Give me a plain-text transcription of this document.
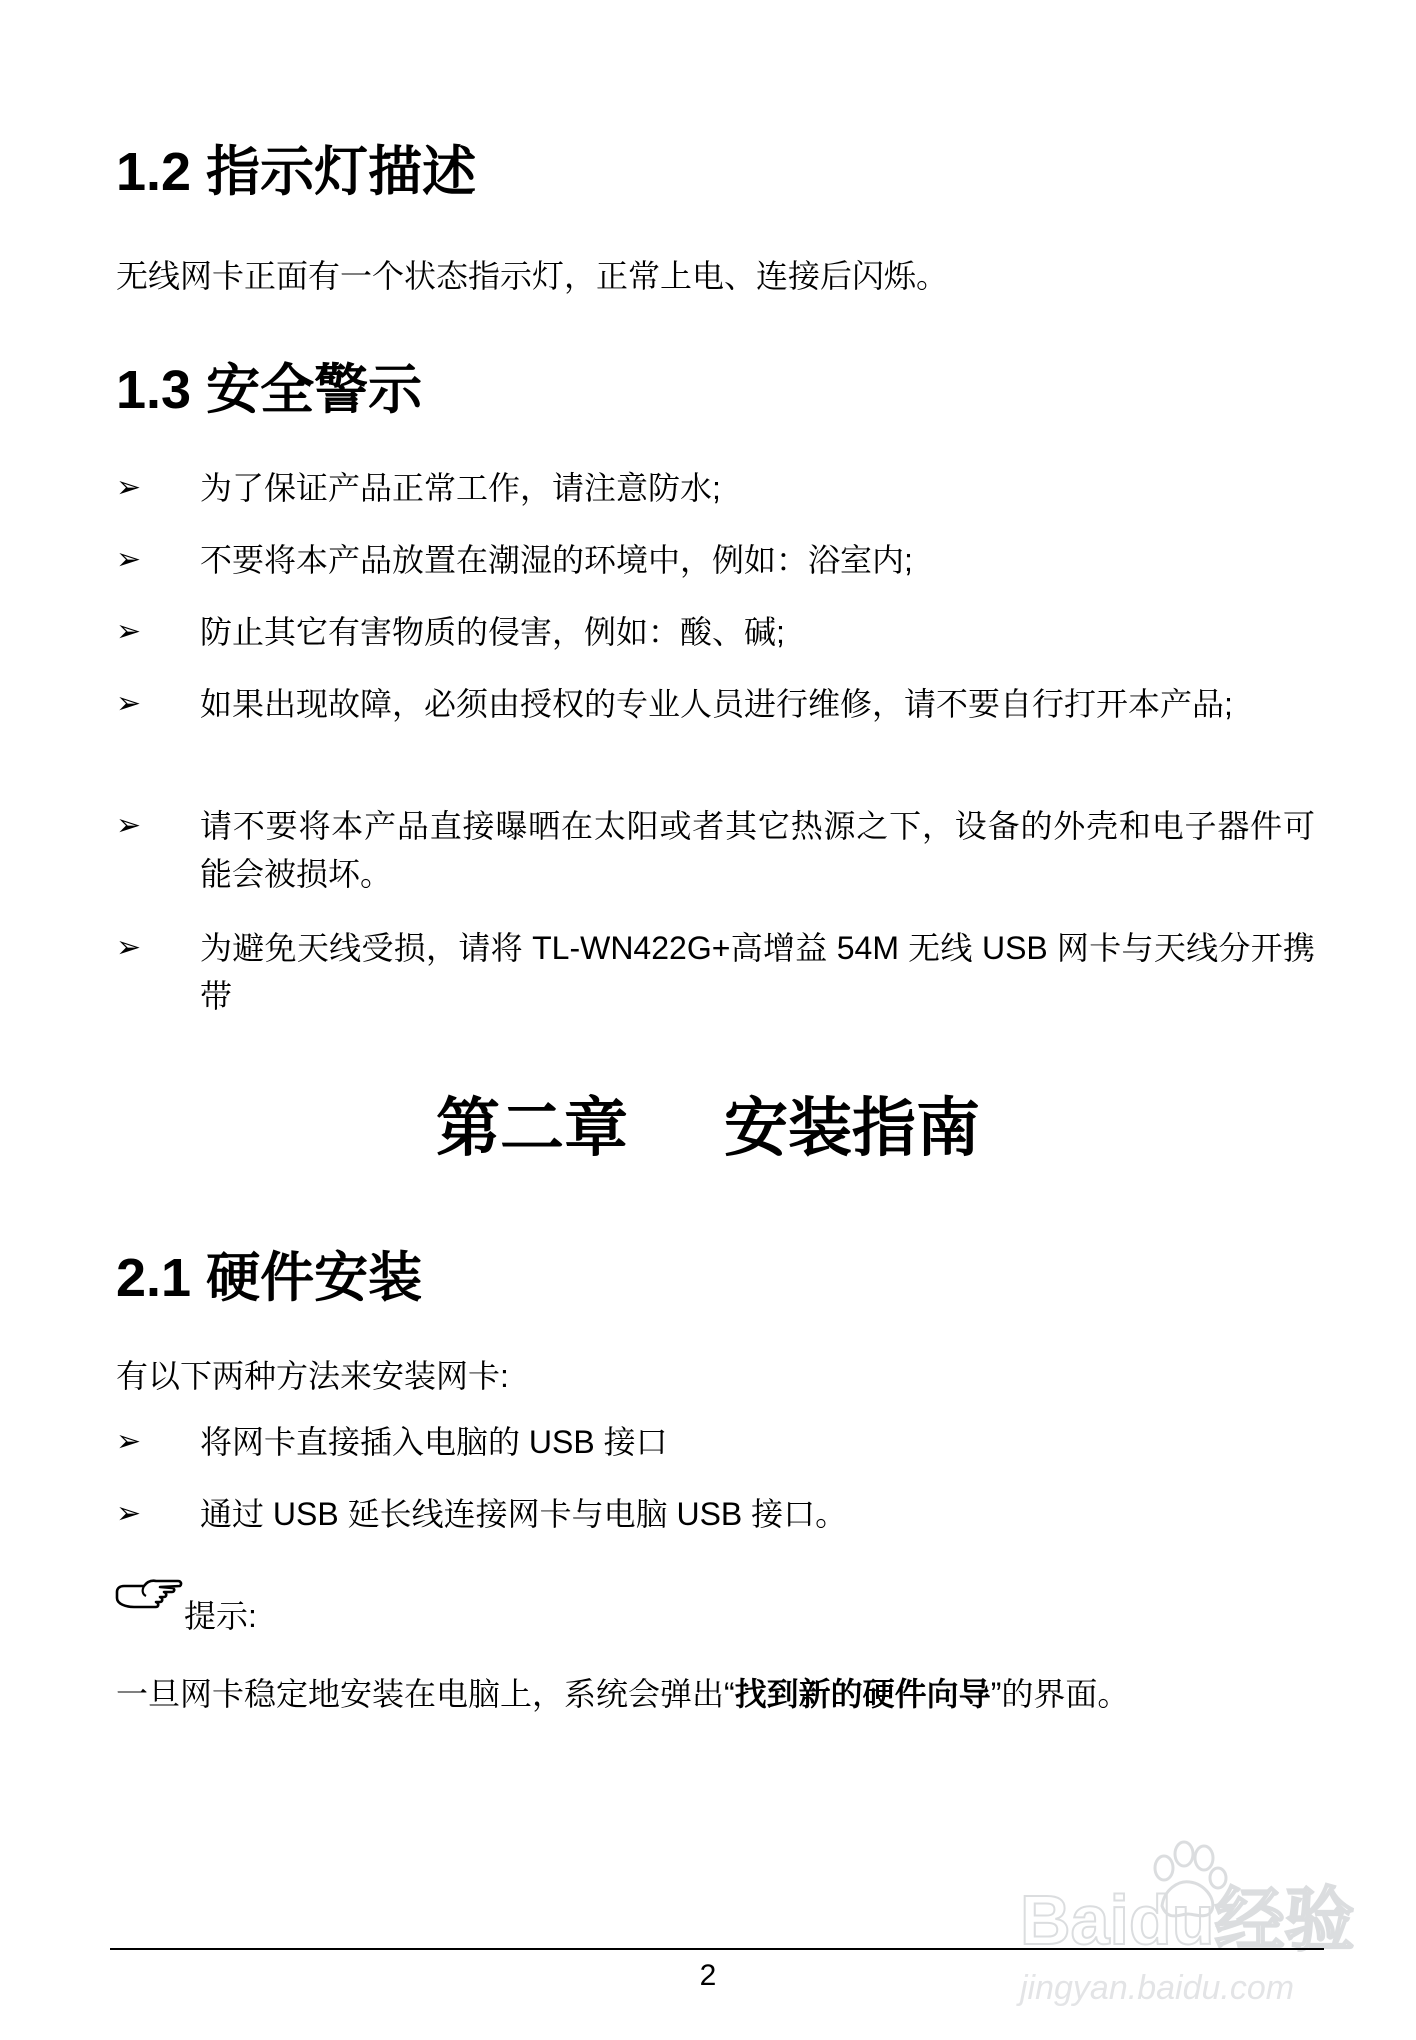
1.2 指示灯描述

无线网卡正面有一个状态指示灯，正常上电、连接后闪烁。

1.3 安全警示
➢ 为了保证产品正常工作，请注意防水;
➢ 不要将本产品放置在潮湿的环境中，例如：浴室内;
➢ 防止其它有害物质的侵害，例如：酸、碱;
➢ 如果出现故障，必须由授权的专业人员进行维修，请不要自行打开本产品;
➢ 请不要将本产品直接曝晒在太阳或者其它热源之下，设备的外壳和电子器件可能会被损坏。
➢ 为避免天线受损，请将 TL-WN422G+高增益 54M 无线 USB 网卡与天线分开携带
第二章 安装指南
2.1 硬件安装

有以下两种方法来安装网卡:

➢ 将网卡直接插入电脑的 USB 接口
➢ 通过 USB 延长线连接网卡与电脑 USB 接口。
提示:

一旦网卡稳定地安装在电脑上，系统会弹出“找到新的硬件向导”的界面。

Baidu经验
jingyan.baidu.com
2
